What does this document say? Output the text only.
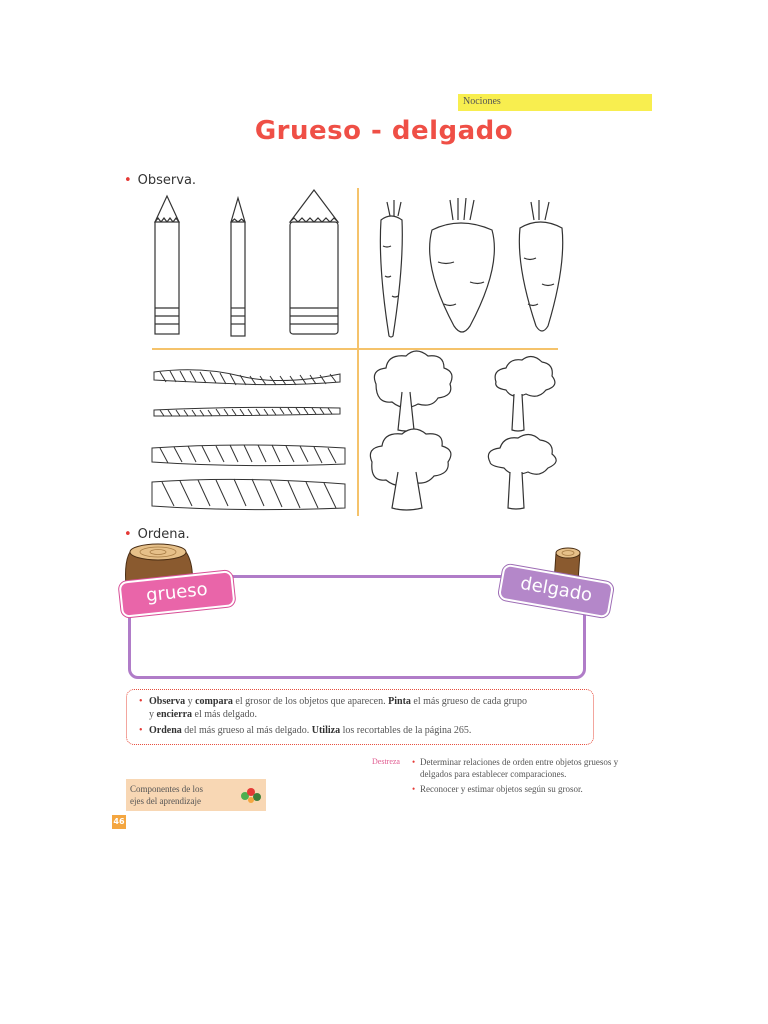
Nociones
Grueso - delgado
• Observa.
• Ordena.
grueso	delgado
• Observa y compara el grosor de los objetos que aparecen. Pinta el más grueso de cada grupo
y encierra el más delgado.
• Ordena del más grueso al más delgado. Utiliza los recortables de la página 265.
Destreza • Determinar relaciones de orden entre objetos gruesos y delgados para establecer comparaciones.
• Reconocer y estimar objetos según su grosor.
Componentes de los
ejes del aprendizaje
46
